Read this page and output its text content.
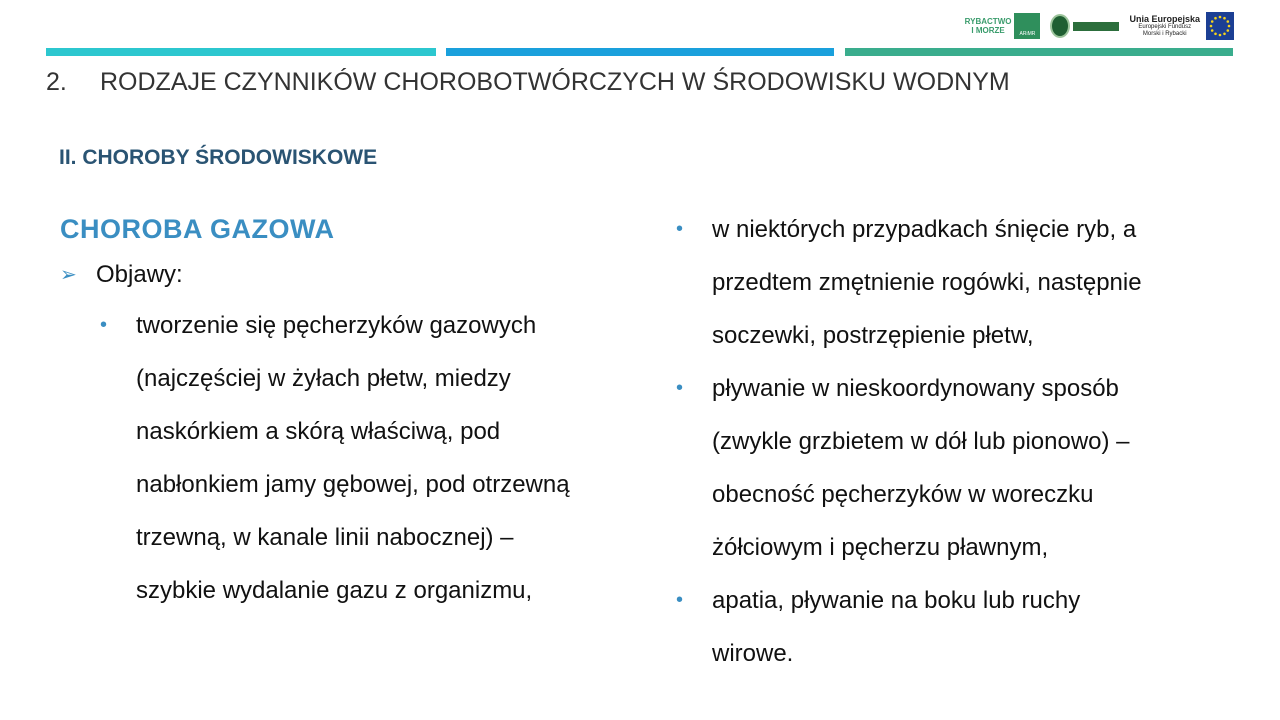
RYBACTWO
I MORZE	ARiMR
Unia Europejska
Europejski Fundusz
Morski i Rybacki
2. RODZAJE CZYNNIKÓW CHOROBOTWÓRCZYCH W ŚRODOWISKU WODNYM
II. CHOROBY ŚRODOWISKOWE
CHOROBA GAZOWA
➢ Objawy:
• tworzenie się pęcherzyków gazowych
(najczęściej w żyłach płetw, miedzy
naskórkiem a skórą właściwą, pod
nabłonkiem jamy gębowej, pod otrzewną
trzewną, w kanale linii nabocznej) –
szybkie wydalanie gazu z organizmu,
• w niektórych przypadkach śnięcie ryb, a
przedtem zmętnienie rogówki, następnie
soczewki, postrzępienie płetw,
• pływanie w nieskoordynowany sposób
(zwykle grzbietem w dół lub pionowo) –
obecność pęcherzyków w woreczku
żółciowym i pęcherzu pławnym,
• apatia, pływanie na boku lub ruchy
wirowe.
